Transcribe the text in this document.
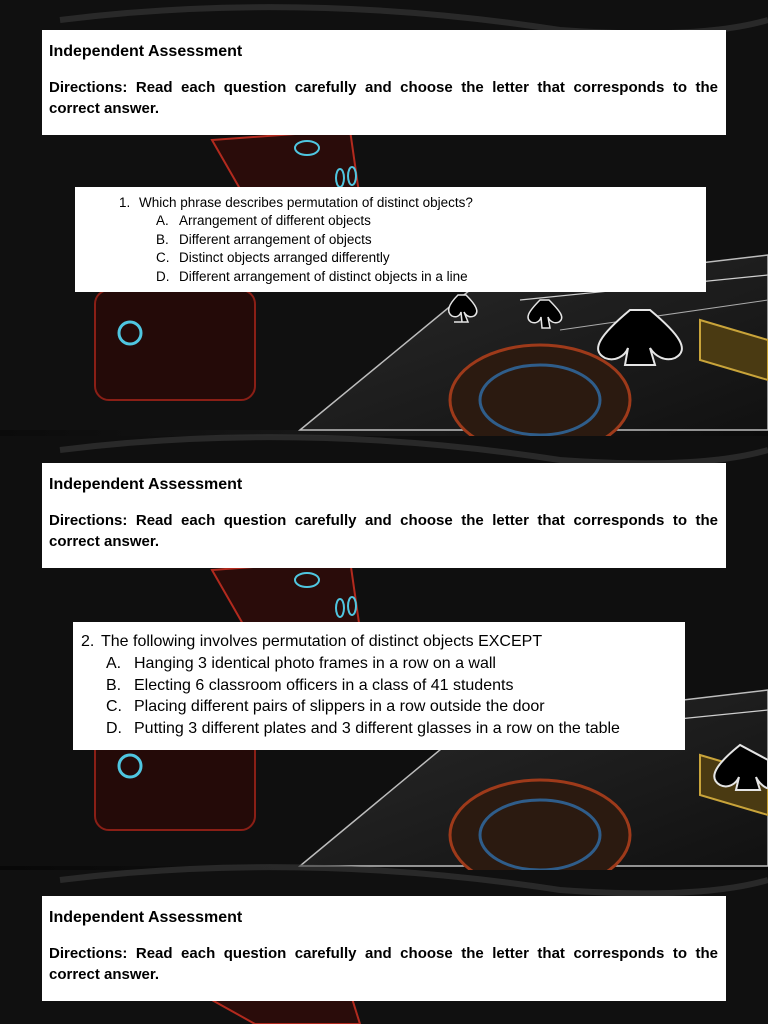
Independent Assessment

Directions: Read each question carefully and choose the letter that corresponds to the correct answer.

1. Which phrase describes permutation of distinct objects?
A. Arrangement of different objects
B. Different arrangement of objects
C. Distinct objects arranged differently
D. Different arrangement of distinct objects in a line
Independent Assessment

Directions: Read each question carefully and choose the letter that corresponds to the correct answer.

2. The following involves permutation of distinct objects EXCEPT
A. Hanging 3 identical photo frames in a row on a wall
B. Electing 6 classroom officers in a class of 41 students
C. Placing different pairs of slippers in a row outside the door
D. Putting 3 different plates and 3 different glasses in a row on the table
Independent Assessment

Directions: Read each question carefully and choose the letter that corresponds to the correct answer.
